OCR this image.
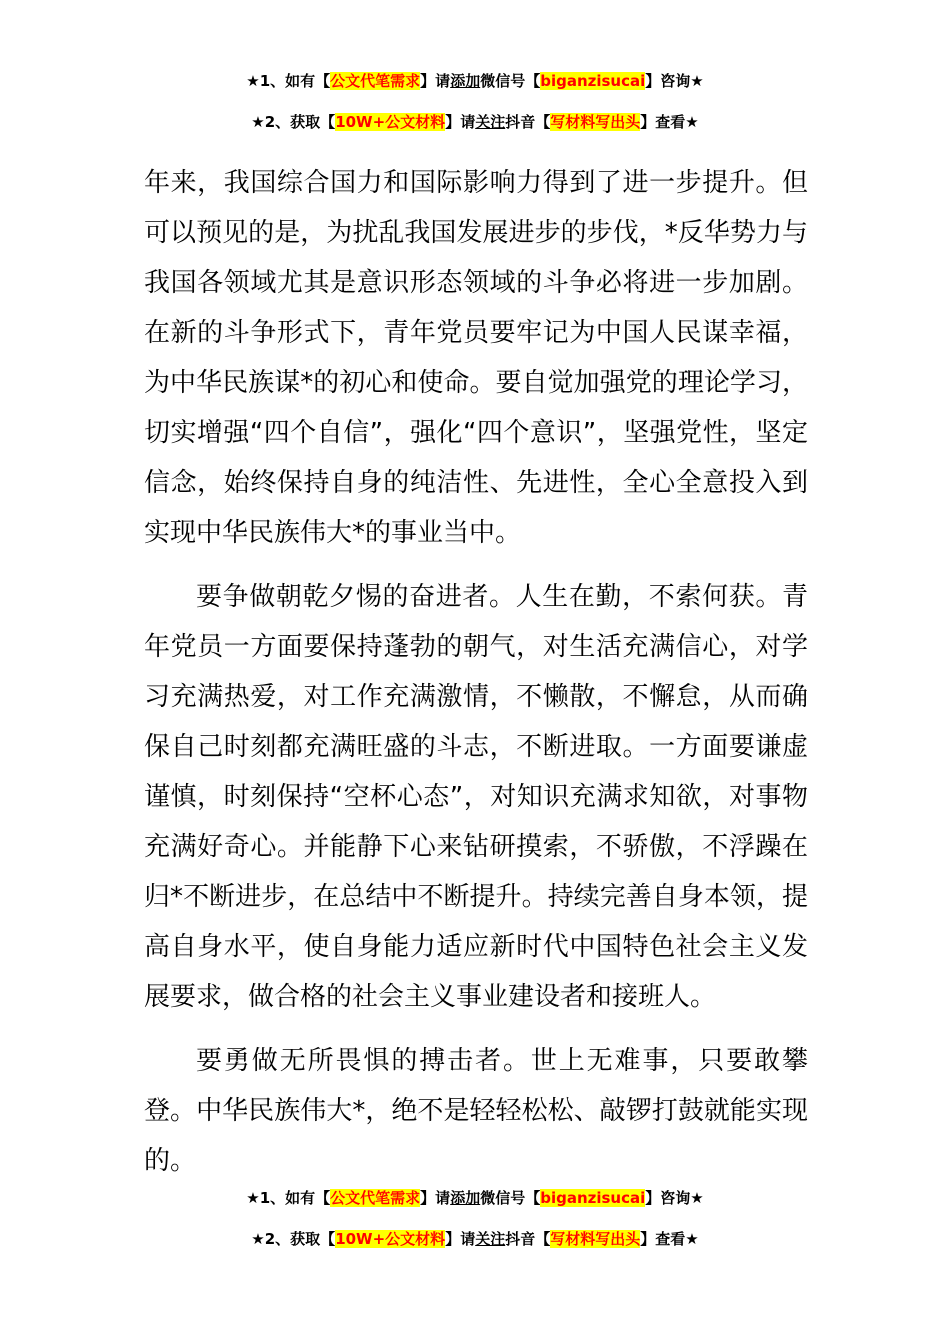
★1、如有【公文代笔需求】请添加微信号【biganzisucai】咨询★
★2、获取【10W+公文材料】请关注抖音【写材料写出头】查看★

年来，我国综合国力和国际影响力得到了进一步提升。但可以预见的是，为扰乱我国发展进步的步伐，*反华势力与我国各领域尤其是意识形态领域的斗争必将进一步加剧。在新的斗争形式下，青年党员要牢记为中国人民谋幸福，为中华民族谋*的初心和使命。要自觉加强党的理论学习，切实增强“四个自信”，强化“四个意识”，坚强党性，坚定信念，始终保持自身的纯洁性、先进性，全心全意投入到实现中华民族伟大*的事业当中。

要争做朝乾夕惕的奋进者。人生在勤，不索何获。青年党员一方面要保持蓬勃的朝气，对生活充满信心，对学习充满热爱，对工作充满激情，不懒散，不懈怠，从而确保自己时刻都充满旺盛的斗志，不断进取。一方面要谦虚谨慎，时刻保持“空杯心态”，对知识充满求知欲，对事物充满好奇心。并能静下心来钻研摸索，不骄傲，不浮躁在归*不断进步，在总结中不断提升。持续完善自身本领，提高自身水平，使自身能力适应新时代中国特色社会主义发展要求，做合格的社会主义事业建设者和接班人。

要勇做无所畏惧的搏击者。世上无难事，只要敢攀登。中华民族伟大*，绝不是轻轻松松、敲锣打鼓就能实现的。

★1、如有【公文代笔需求】请添加微信号【biganzisucai】咨询★
★2、获取【10W+公文材料】请关注抖音【写材料写出头】查看★
